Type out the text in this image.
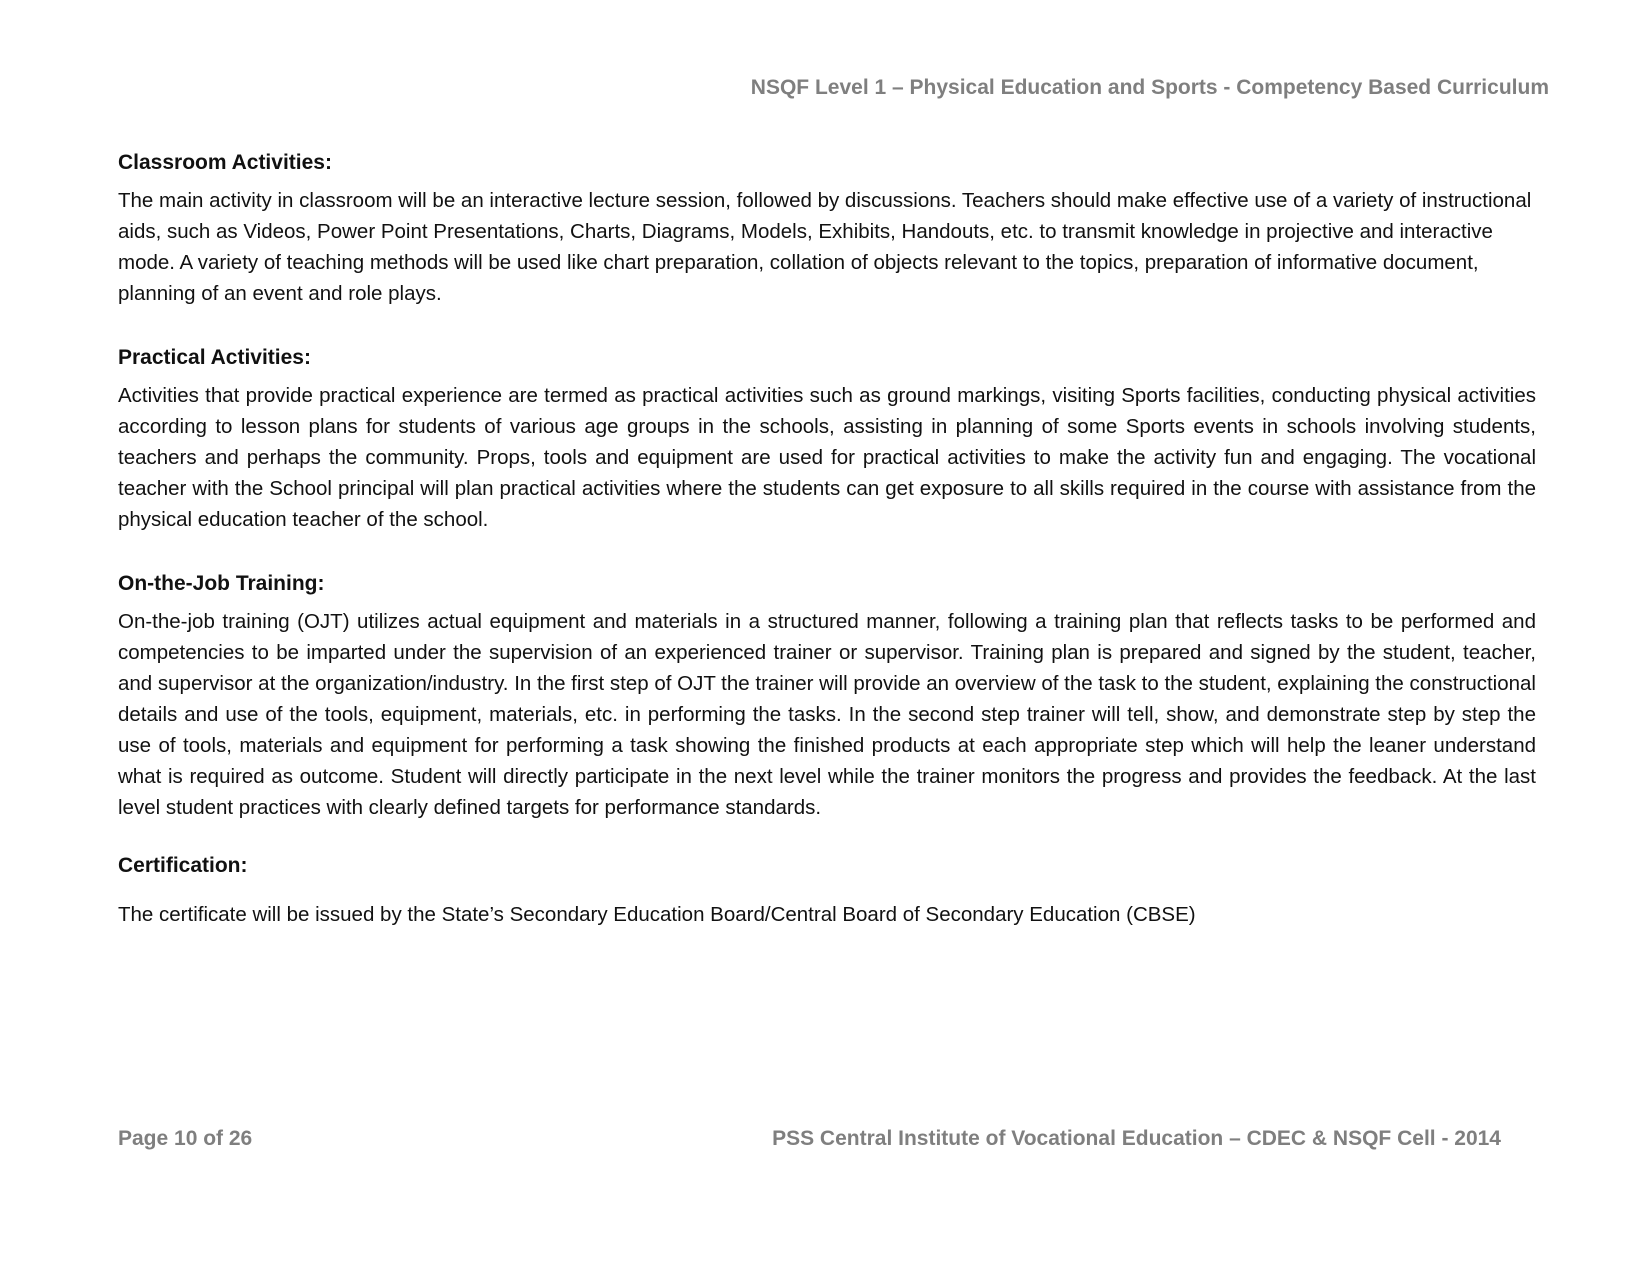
NSQF Level 1 – Physical Education and Sports - Competency Based Curriculum
Classroom Activities:

The main activity in classroom will be an interactive lecture session, followed by discussions. Teachers should make effective use of a variety of instructional aids, such as Videos, Power Point Presentations, Charts, Diagrams, Models, Exhibits, Handouts, etc. to transmit knowledge in projective and interactive mode. A variety of teaching methods will be used like chart preparation, collation of objects relevant to the topics, preparation of informative document, planning of an event and role plays.

Practical Activities:

Activities that provide practical experience are termed as practical activities such as ground markings, visiting Sports facilities, conducting physical activities according to lesson plans for students of various age groups in the schools, assisting in planning of some Sports events in schools involving students, teachers and perhaps the community. Props, tools and equipment are used for practical activities to make the activity fun and engaging. The vocational teacher with the School principal will plan practical activities where the students can get exposure to all skills required in the course with assistance from the physical education teacher of the school.

On-the-Job Training:

On-the-job training (OJT) utilizes actual equipment and materials in a structured manner, following a training plan that reflects tasks to be performed and competencies to be imparted under the supervision of an experienced trainer or supervisor. Training plan is prepared and signed by the student, teacher, and supervisor at the organization/industry. In the first step of OJT the trainer will provide an overview of the task to the student, explaining the constructional details and use of the tools, equipment, materials, etc. in performing the tasks. In the second step trainer will tell, show, and demonstrate step by step the use of tools, materials and equipment for performing a task showing the finished products at each appropriate step which will help the leaner understand what is required as outcome. Student will directly participate in the next level while the trainer monitors the progress and provides the feedback. At the last level student practices with clearly defined targets for performance standards.

Certification:

The certificate will be issued by the State’s Secondary Education Board/Central Board of Secondary Education (CBSE)

Page 10 of 26	PSS Central Institute of Vocational Education – CDEC & NSQF Cell - 2014
